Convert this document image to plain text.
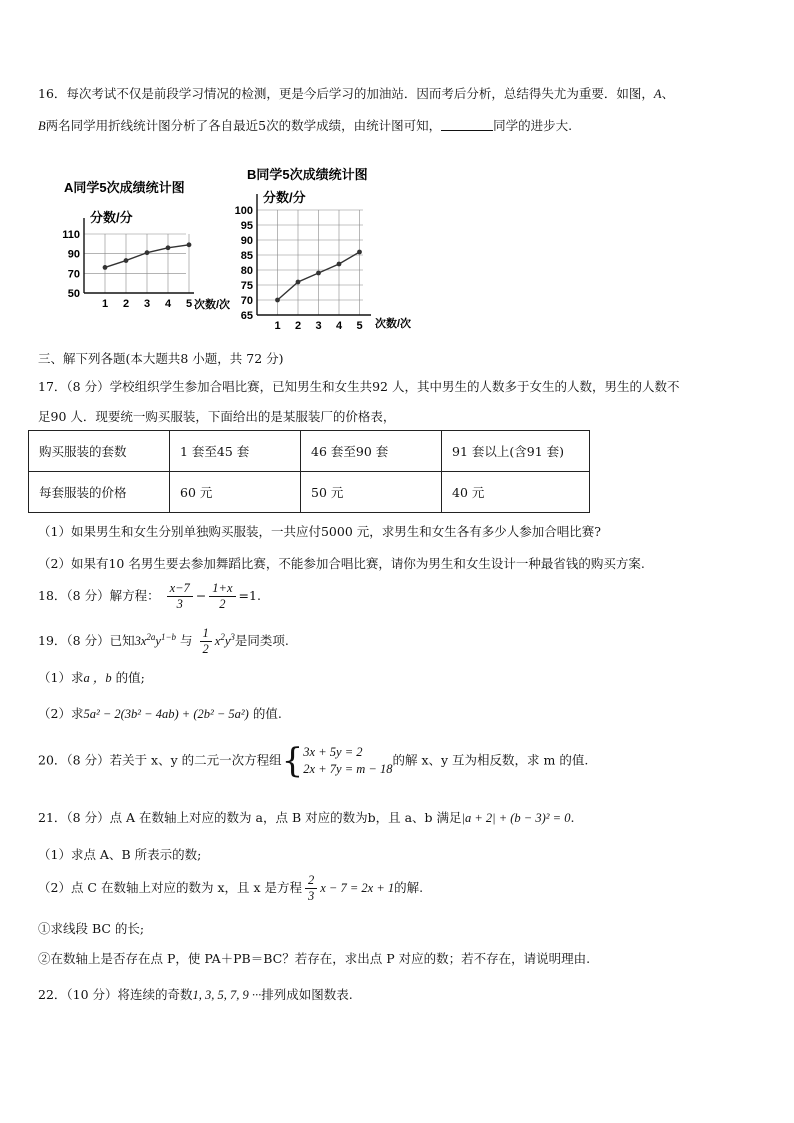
16．每次考试不仅是前段学习情况的检测，更是今后学习的加油站．因而考后分析，总结得失尤为重要．如图，A、
B两名同学用折线统计图分析了各自最近5次的数学成绩，由统计图可知，	同学的进步大.
A同学5次成绩统计图
分数/分
50
70
90
110
1 2 3 4 5 次数/次
B同学5次成绩统计图
分数/分
65
70
75
80
85
90
95
100
1 2 3 4 5 次数/次
三、解下列各题(本大题共8 小题，共 72 分)
17．（8 分）学校组织学生参加合唱比赛，已知男生和女生共92 人，其中男生的人数多于女生的人数，男生的人数不
足90 人．现要统一购买服装，下面给出的是某服装厂的价格表，
购买服装的套数	1 套至45 套	46 套至90 套	91 套以上(含91 套)
每套服装的价格	60 元	50 元	40 元
（1）如果男生和女生分别单独购买服装，一共应付5000 元，求男生和女生各有多少人参加合唱比赛?
（2）如果有10 名男生要去参加舞蹈比赛，不能参加合唱比赛，请你为男生和女生设计一种最省钱的购买方案.
18．（8 分）解方程： $\frac{x-7}{3} - \frac{1+x}{2} =1$.
19．（8 分）已知$3x^{2a}y^{1-b}$ 与 $\frac{1}{2} x^2y^3$是同类项.
（1）求a ，b 的值;
（2）求5a² − 2(3b² − 4ab) + (2b² − 5a²) 的值.
20．（8 分）若关于 x、y 的二元一次方程组{ 3x + 5y = 2
2x + 7y = m − 18
的解 x、y 互为相反数，求 m 的值.
21．（8 分）点 A 在数轴上对应的数为 a，点 B 对应的数为b，且 a、b 满足|a + 2| + (b − 3)² = 0.
（1）求点 A、B 所表示的数;
（2）点 C 在数轴上对应的数为 x，且 x 是方程 $\frac{2}{3}$ x − 7 = 2x + 1的解.
①求线段 BC 的长;
②在数轴上是否存在点 P，使 PA＋PB＝BC？若存在，求出点 P 对应的数；若不存在，请说明理由.
22．（10 分）将连续的奇数1, 3, 5, 7, 9 ···排列成如图数表.
